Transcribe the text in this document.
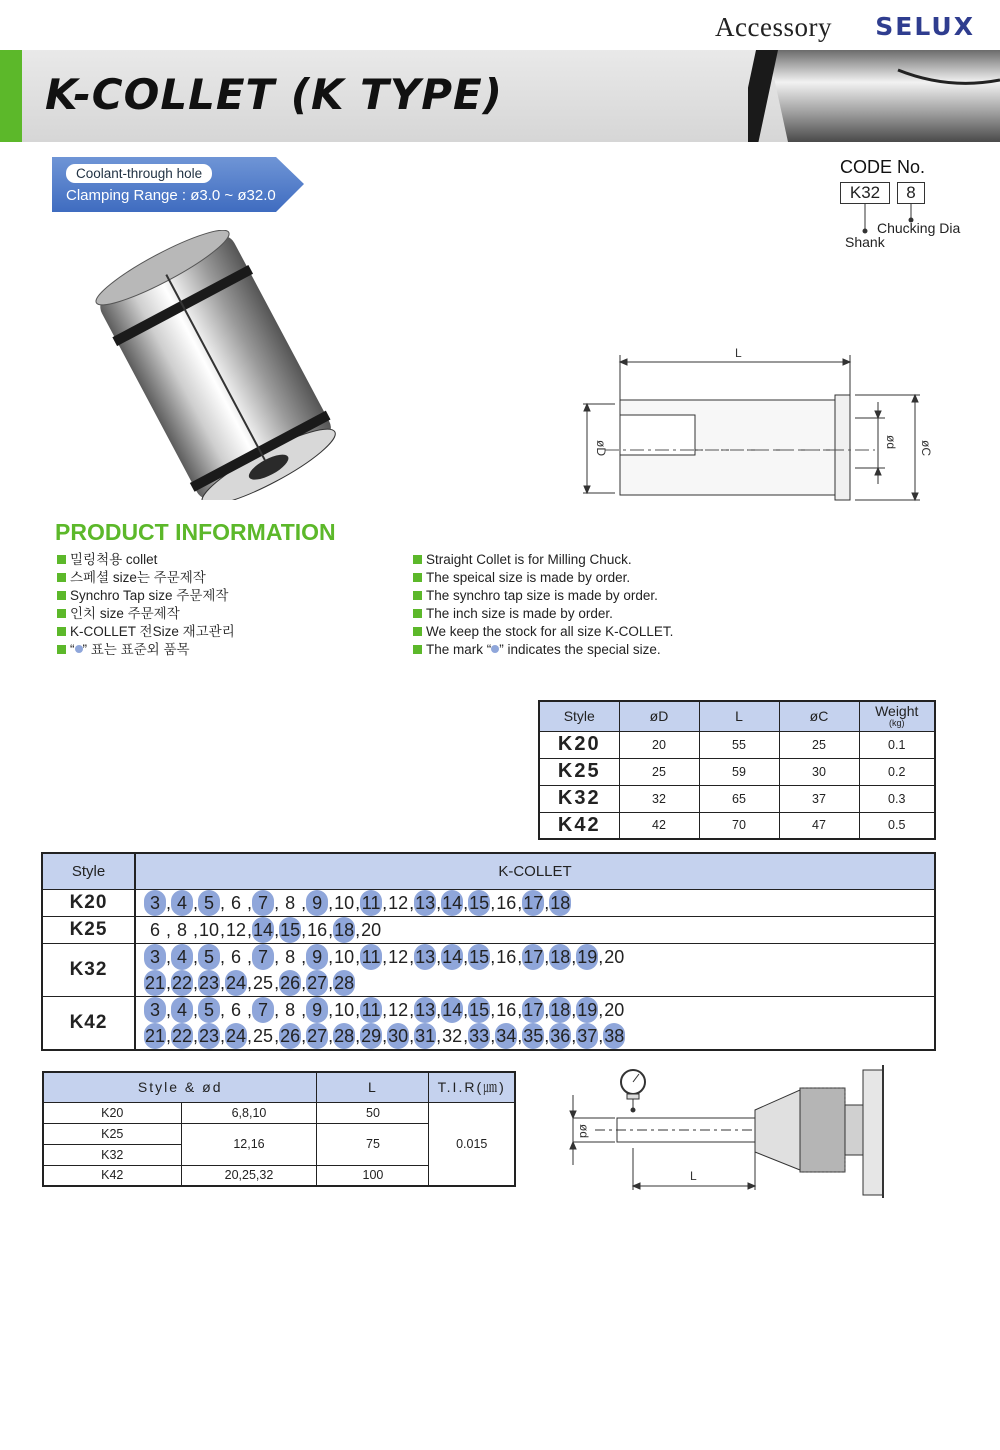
Accessory SELUX
K-COLLET (K TYPE)
Coolant-through hole
Clamping Range : ø3.0 ~ ø32.0
CODE No.
K32	8
Chucking Dia
Shank
L
øD	ød øC
PRODUCT INFORMATION
밀링척용 collet
스페셜 size는 주문제작
Synchro Tap size 주문제작
인치 size 주문제작
K-COLLET 전Size 재고관리
“ ” 표는 표준외 품목
Straight Collet is for Milling Chuck.
The speical size is made by order.
The synchro tap size is made by order.
The inch size is made by order.
We keep the stock for all size K-COLLET.
The mark “ ” indicates the special size.
Style	øD	L	øC	Weight
(kg)

K20	20	55	25	0.1
K25	25	59	30	0.2
K32	32	65	37	0.3
K42	42	70	47	0.5
Style	K-COLLET
K20	3 ,4 ,5 ,6 ,7 ,8 ,9 ,10,11,12,13,14,15,16,17,18

K25	6 ,8 ,10,12,14,15,16,18,20

K32	3 ,4 ,5 ,6 ,7 ,8 ,9 ,10,11,12,13,14,15,16,17,18,19,20
21,22,23,24,25,26,27,28

K42	3 ,4 ,5 ,6 ,7 ,8 ,9 ,10,11,12,13,14,15,16,17,18,19,20
21,22,23,24,25,26,27,28,29,30,31,32,33,34,35,36,37,38
Style & ød		L	T.I.R(㎛)
K20	6,8,10	50	0.015
K25	12,16	75	
K32			
K42	20,25,32	100	
ød
L
